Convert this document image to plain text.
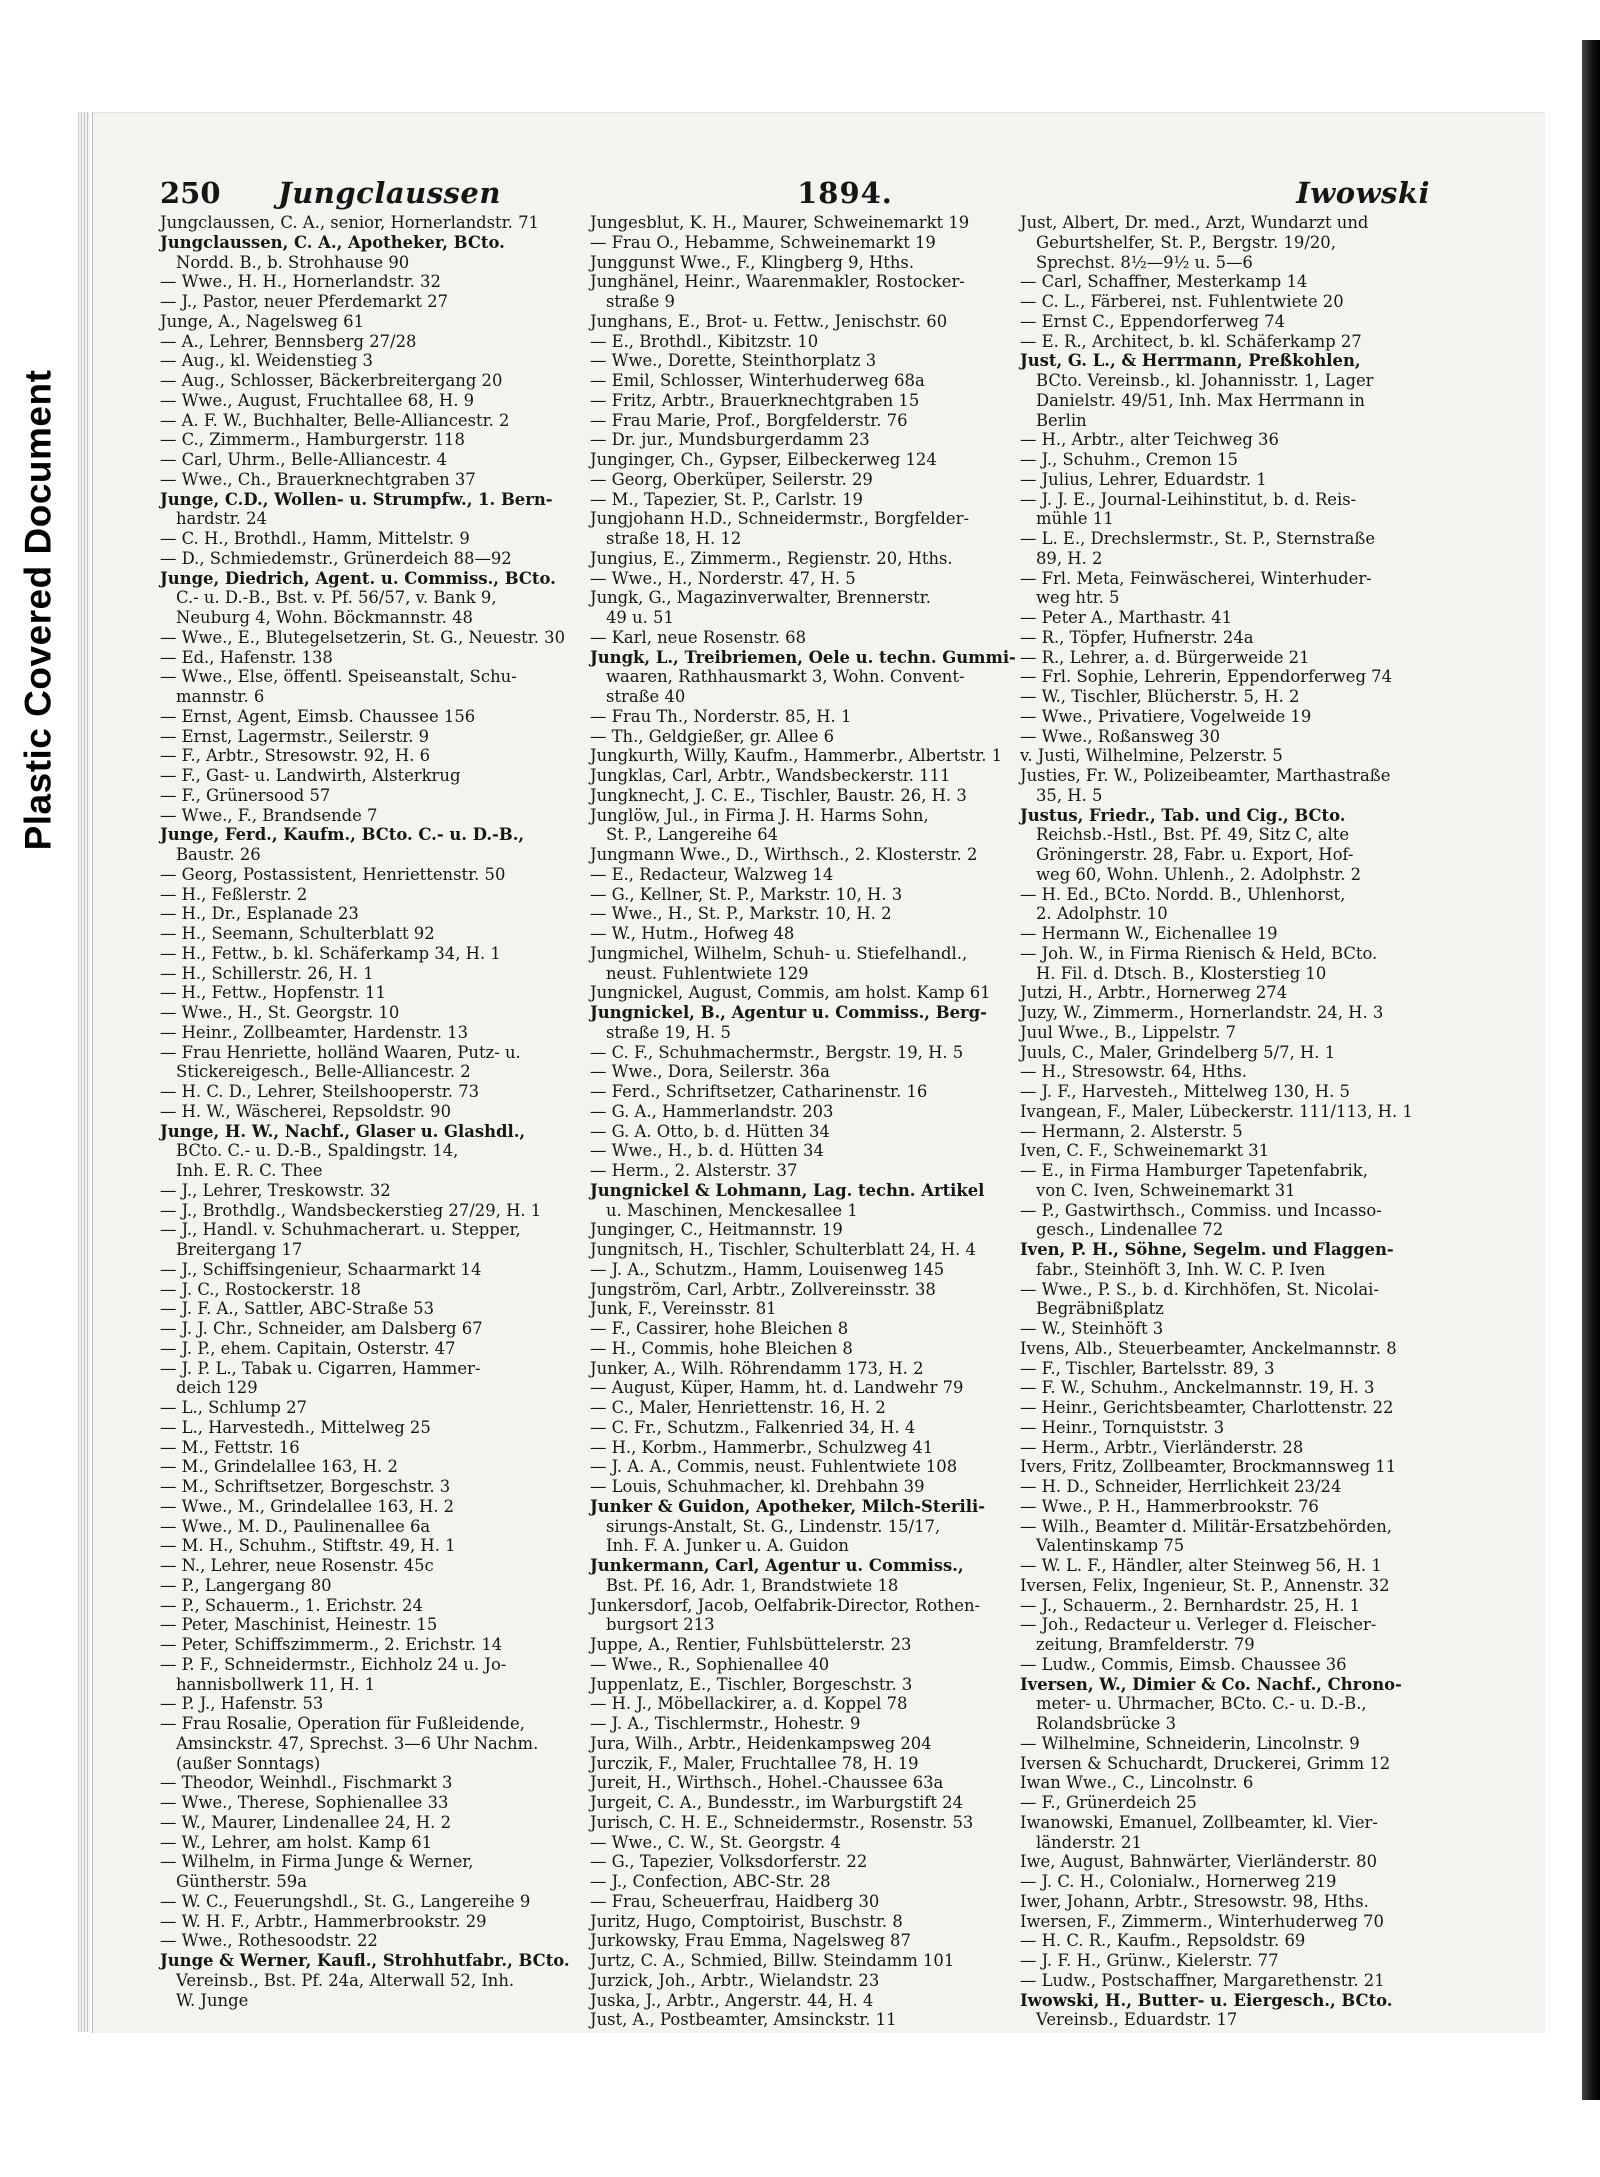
Plastic Covered Document
250 Jungclaussen	1894.	Iwowski
Jungclaussen, C. A., senior, Hornerlandstr. 71
Jungclaussen, C. A., Apotheker, BCto.
Nordd. B., b. Strohhause 90
— Wwe., H. H., Hornerlandstr. 32
— J., Pastor, neuer Pferdemarkt 27
Junge, A., Nagelsweg 61
— A., Lehrer, Bennsberg 27/28
— Aug., kl. Weidenstieg 3
— Aug., Schlosser, Bäckerbreitergang 20
— Wwe., August, Fruchtallee 68, H. 9
— A. F. W., Buchhalter, Belle-Alliancestr. 2
— C., Zimmerm., Hamburgerstr. 118
— Carl, Uhrm., Belle-Alliancestr. 4
— Wwe., Ch., Brauerknechtgraben 37
Junge, C.D., Wollen- u. Strumpfw., 1. Bern-
hardstr. 24
— C. H., Brothdl., Hamm, Mittelstr. 9
— D., Schmiedemstr., Grünerdeich 88—92
Junge, Diedrich, Agent. u. Commiss., BCto.
C.- u. D.-B., Bst. v. Pf. 56/57, v. Bank 9,
Neuburg 4, Wohn. Böckmannstr. 48
— Wwe., E., Blutegelsetzerin, St. G., Neuestr. 30
— Ed., Hafenstr. 138
— Wwe., Else, öffentl. Speiseanstalt, Schu-
mannstr. 6
— Ernst, Agent, Eimsb. Chaussee 156
— Ernst, Lagermstr., Seilerstr. 9
— F., Arbtr., Stresowstr. 92, H. 6
— F., Gast- u. Landwirth, Alsterkrug
— F., Grünersood 57
— Wwe., F., Brandsende 7
Junge, Ferd., Kaufm., BCto. C.- u. D.-B.,
Baustr. 26
— Georg, Postassistent, Henriettenstr. 50
— H., Feßlerstr. 2
— H., Dr., Esplanade 23
— H., Seemann, Schulterblatt 92
— H., Fettw., b. kl. Schäferkamp 34, H. 1
— H., Schillerstr. 26, H. 1
— H., Fettw., Hopfenstr. 11
— Wwe., H., St. Georgstr. 10
— Heinr., Zollbeamter, Hardenstr. 13
— Frau Henriette, holländ Waaren, Putz- u.
Stickereigesch., Belle-Alliancestr. 2
— H. C. D., Lehrer, Steilshooperstr. 73
— H. W., Wäscherei, Repsoldstr. 90
Junge, H. W., Nachf., Glaser u. Glashdl.,
BCto. C.- u. D.-B., Spaldingstr. 14,
Inh. E. R. C. Thee
— J., Lehrer, Treskowstr. 32
— J., Brothdlg., Wandsbeckerstieg 27/29, H. 1
— J., Handl. v. Schuhmacherart. u. Stepper,
Breitergang 17
— J., Schiffsingenieur, Schaarmarkt 14
— J. C., Rostockerstr. 18
— J. F. A., Sattler, ABC-Straße 53
— J. J. Chr., Schneider, am Dalsberg 67
— J. P., ehem. Capitain, Osterstr. 47
— J. P. L., Tabak u. Cigarren, Hammer-
deich 129
— L., Schlump 27
— L., Harvestedh., Mittelweg 25
— M., Fettstr. 16
— M., Grindelallee 163, H. 2
— M., Schriftsetzer, Borgeschstr. 3
— Wwe., M., Grindelallee 163, H. 2
— Wwe., M. D., Paulinenallee 6a
— M. H., Schuhm., Stiftstr. 49, H. 1
— N., Lehrer, neue Rosenstr. 45c
— P., Langergang 80
— P., Schauerm., 1. Erichstr. 24
— Peter, Maschinist, Heinestr. 15
— Peter, Schiffszimmerm., 2. Erichstr. 14
— P. F., Schneidermstr., Eichholz 24 u. Jo-
hannisbollwerk 11, H. 1
— P. J., Hafenstr. 53
— Frau Rosalie, Operation für Fußleidende,
Amsinckstr. 47, Sprechst. 3—6 Uhr Nachm.
(außer Sonntags)
— Theodor, Weinhdl., Fischmarkt 3
— Wwe., Therese, Sophienallee 33
— W., Maurer, Lindenallee 24, H. 2
— W., Lehrer, am holst. Kamp 61
— Wilhelm, in Firma Junge & Werner,
Güntherstr. 59a
— W. C., Feuerungshdl., St. G., Langereihe 9
— W. H. F., Arbtr., Hammerbrookstr. 29
— Wwe., Rothesoodstr. 22
Junge & Werner, Kaufl., Strohhutfabr., BCto.
Vereinsb., Bst. Pf. 24a, Alterwall 52, Inh.
W. Junge
Jungesblut, K. H., Maurer, Schweinemarkt 19
— Frau O., Hebamme, Schweinemarkt 19
Junggunst Wwe., F., Klingberg 9, Hths.
Junghänel, Heinr., Waarenmakler, Rostocker-
straße 9
Junghans, E., Brot- u. Fettw., Jenischstr. 60
— E., Brothdl., Kibitzstr. 10
— Wwe., Dorette, Steinthorplatz 3
— Emil, Schlosser, Winterhuderweg 68a
— Fritz, Arbtr., Brauerknechtgraben 15
— Frau Marie, Prof., Borgfelderstr. 76
— Dr. jur., Mundsburgerdamm 23
Junginger, Ch., Gypser, Eilbeckerweg 124
— Georg, Oberküper, Seilerstr. 29
— M., Tapezier, St. P., Carlstr. 19
Jungjohann H.D., Schneidermstr., Borgfelder-
straße 18, H. 12
Jungius, E., Zimmerm., Regienstr. 20, Hths.
— Wwe., H., Norderstr. 47, H. 5
Jungk, G., Magazinverwalter, Brennerstr.
49 u. 51
— Karl, neue Rosenstr. 68
Jungk, L., Treibriemen, Oele u. techn. Gummi-
waaren, Rathhausmarkt 3, Wohn. Convent-
straße 40
— Frau Th., Norderstr. 85, H. 1
— Th., Geldgießer, gr. Allee 6
Jungkurth, Willy, Kaufm., Hammerbr., Albertstr. 1
Jungklas, Carl, Arbtr., Wandsbeckerstr. 111
Jungknecht, J. C. E., Tischler, Baustr. 26, H. 3
Junglöw, Jul., in Firma J. H. Harms Sohn,
St. P., Langereihe 64
Jungmann Wwe., D., Wirthsch., 2. Klosterstr. 2
— E., Redacteur, Walzweg 14
— G., Kellner, St. P., Markstr. 10, H. 3
— Wwe., H., St. P., Markstr. 10, H. 2
— W., Hutm., Hofweg 48
Jungmichel, Wilhelm, Schuh- u. Stiefelhandl.,
neust. Fuhlentwiete 129
Jungnickel, August, Commis, am holst. Kamp 61
Jungnickel, B., Agentur u. Commiss., Berg-
straße 19, H. 5
— C. F., Schuhmachermstr., Bergstr. 19, H. 5
— Wwe., Dora, Seilerstr. 36a
— Ferd., Schriftsetzer, Catharinenstr. 16
— G. A., Hammerlandstr. 203
— G. A. Otto, b. d. Hütten 34
— Wwe., H., b. d. Hütten 34
— Herm., 2. Alsterstr. 37
Jungnickel & Lohmann, Lag. techn. Artikel
u. Maschinen, Menckesallee 1
Junginger, C., Heitmannstr. 19
Jungnitsch, H., Tischler, Schulterblatt 24, H. 4
— J. A., Schutzm., Hamm, Louisenweg 145
Jungström, Carl, Arbtr., Zollvereinsstr. 38
Junk, F., Vereinsstr. 81
— F., Cassirer, hohe Bleichen 8
— H., Commis, hohe Bleichen 8
Junker, A., Wilh. Röhrendamm 173, H. 2
— August, Küper, Hamm, ht. d. Landwehr 79
— C., Maler, Henriettenstr. 16, H. 2
— C. Fr., Schutzm., Falkenried 34, H. 4
— H., Korbm., Hammerbr., Schulzweg 41
— J. A. A., Commis, neust. Fuhlentwiete 108
— Louis, Schuhmacher, kl. Drehbahn 39
Junker & Guidon, Apotheker, Milch-Sterili-
sirungs-Anstalt, St. G., Lindenstr. 15/17,
Inh. F. A. Junker u. A. Guidon
Junkermann, Carl, Agentur u. Commiss.,
Bst. Pf. 16, Adr. 1, Brandstwiete 18
Junkersdorf, Jacob, Oelfabrik-Director, Rothen-
burgsort 213
Juppe, A., Rentier, Fuhlsbüttelerstr. 23
— Wwe., R., Sophienallee 40
Juppenlatz, E., Tischler, Borgeschstr. 3
— H. J., Möbellackirer, a. d. Koppel 78
— J. A., Tischlermstr., Hohestr. 9
Jura, Wilh., Arbtr., Heidenkampsweg 204
Jurczik, F., Maler, Fruchtallee 78, H. 19
Jureit, H., Wirthsch., Hohel.-Chaussee 63a
Jurgeit, C. A., Bundesstr., im Warburgstift 24
Jurisch, C. H. E., Schneidermstr., Rosenstr. 53
— Wwe., C. W., St. Georgstr. 4
— G., Tapezier, Volksdorferstr. 22
— J., Confection, ABC-Str. 28
— Frau, Scheuerfrau, Haidberg 30
Juritz, Hugo, Comptoirist, Buschstr. 8
Jurkowsky, Frau Emma, Nagelsweg 87
Jurtz, C. A., Schmied, Billw. Steindamm 101
Jurzick, Joh., Arbtr., Wielandstr. 23
Juska, J., Arbtr., Angerstr. 44, H. 4
Just, A., Postbeamter, Amsinckstr. 11
Just, Albert, Dr. med., Arzt, Wundarzt und
Geburtshelfer, St. P., Bergstr. 19/20,
Sprechst. 8½—9½ u. 5—6
— Carl, Schaffner, Mesterkamp 14
— C. L., Färberei, nst. Fuhlentwiete 20
— Ernst C., Eppendorferweg 74
— E. R., Architect, b. kl. Schäferkamp 27
Just, G. L., & Herrmann, Preßkohlen,
BCto. Vereinsb., kl. Johannisstr. 1, Lager
Danielstr. 49/51, Inh. Max Herrmann in
Berlin
— H., Arbtr., alter Teichweg 36
— J., Schuhm., Cremon 15
— Julius, Lehrer, Eduardstr. 1
— J. J. E., Journal-Leihinstitut, b. d. Reis-
mühle 11
— L. E., Drechslermstr., St. P., Sternstraße
89, H. 2
— Frl. Meta, Feinwäscherei, Winterhuder-
weg htr. 5
— Peter A., Marthastr. 41
— R., Töpfer, Hufnerstr. 24a
— R., Lehrer, a. d. Bürgerweide 21
— Frl. Sophie, Lehrerin, Eppendorferweg 74
— W., Tischler, Blücherstr. 5, H. 2
— Wwe., Privatiere, Vogelweide 19
— Wwe., Roßansweg 30
v. Justi, Wilhelmine, Pelzerstr. 5
Justies, Fr. W., Polizeibeamter, Marthastraße
35, H. 5
Justus, Friedr., Tab. und Cig., BCto.
Reichsb.-Hstl., Bst. Pf. 49, Sitz C, alte
Gröningerstr. 28, Fabr. u. Export, Hof-
weg 60, Wohn. Uhlenh., 2. Adolphstr. 2
— H. Ed., BCto. Nordd. B., Uhlenhorst,
2. Adolphstr. 10
— Hermann W., Eichenallee 19
— Joh. W., in Firma Rienisch & Held, BCto.
H. Fil. d. Dtsch. B., Klosterstieg 10
Jutzi, H., Arbtr., Hornerweg 274
Juzy, W., Zimmerm., Hornerlandstr. 24, H. 3
Juul Wwe., B., Lippelstr. 7
Juuls, C., Maler, Grindelberg 5/7, H. 1
— H., Stresowstr. 64, Hths.
— J. F., Harvesteh., Mittelweg 130, H. 5
Ivangean, F., Maler, Lübeckerstr. 111/113, H. 1
— Hermann, 2. Alsterstr. 5
Iven, C. F., Schweinemarkt 31
— E., in Firma Hamburger Tapetenfabrik,
von C. Iven, Schweinemarkt 31
— P., Gastwirthsch., Commiss. und Incasso-
gesch., Lindenallee 72
Iven, P. H., Söhne, Segelm. und Flaggen-
fabr., Steinhöft 3, Inh. W. C. P. Iven
— Wwe., P. S., b. d. Kirchhöfen, St. Nicolai-
Begräbnißplatz
— W., Steinhöft 3
Ivens, Alb., Steuerbeamter, Anckelmannstr. 8
— F., Tischler, Bartelsstr. 89, 3
— F. W., Schuhm., Anckelmannstr. 19, H. 3
— Heinr., Gerichtsbeamter, Charlottenstr. 22
— Heinr., Tornquiststr. 3
— Herm., Arbtr., Vierländerstr. 28
Ivers, Fritz, Zollbeamter, Brockmannsweg 11
— H. D., Schneider, Herrlichkeit 23/24
— Wwe., P. H., Hammerbrookstr. 76
— Wilh., Beamter d. Militär-Ersatzbehörden,
Valentinskamp 75
— W. L. F., Händler, alter Steinweg 56, H. 1
Iversen, Felix, Ingenieur, St. P., Annenstr. 32
— J., Schauerm., 2. Bernhardstr. 25, H. 1
— Joh., Redacteur u. Verleger d. Fleischer-
zeitung, Bramfelderstr. 79
— Ludw., Commis, Eimsb. Chaussee 36
Iversen, W., Dimier & Co. Nachf., Chrono-
meter- u. Uhrmacher, BCto. C.- u. D.-B.,
Rolandsbrücke 3
— Wilhelmine, Schneiderin, Lincolnstr. 9
Iversen & Schuchardt, Druckerei, Grimm 12
Iwan Wwe., C., Lincolnstr. 6
— F., Grünerdeich 25
Iwanowski, Emanuel, Zollbeamter, kl. Vier-
länderstr. 21
Iwe, August, Bahnwärter, Vierländerstr. 80
— J. C. H., Colonialw., Hornerweg 219
Iwer, Johann, Arbtr., Stresowstr. 98, Hths.
Iwersen, F., Zimmerm., Winterhuderweg 70
— H. C. R., Kaufm., Repsoldstr. 69
— J. F. H., Grünw., Kielerstr. 77
— Ludw., Postschaffner, Margarethenstr. 21
Iwowski, H., Butter- u. Eiergesch., BCto.
Vereinsb., Eduardstr. 17
